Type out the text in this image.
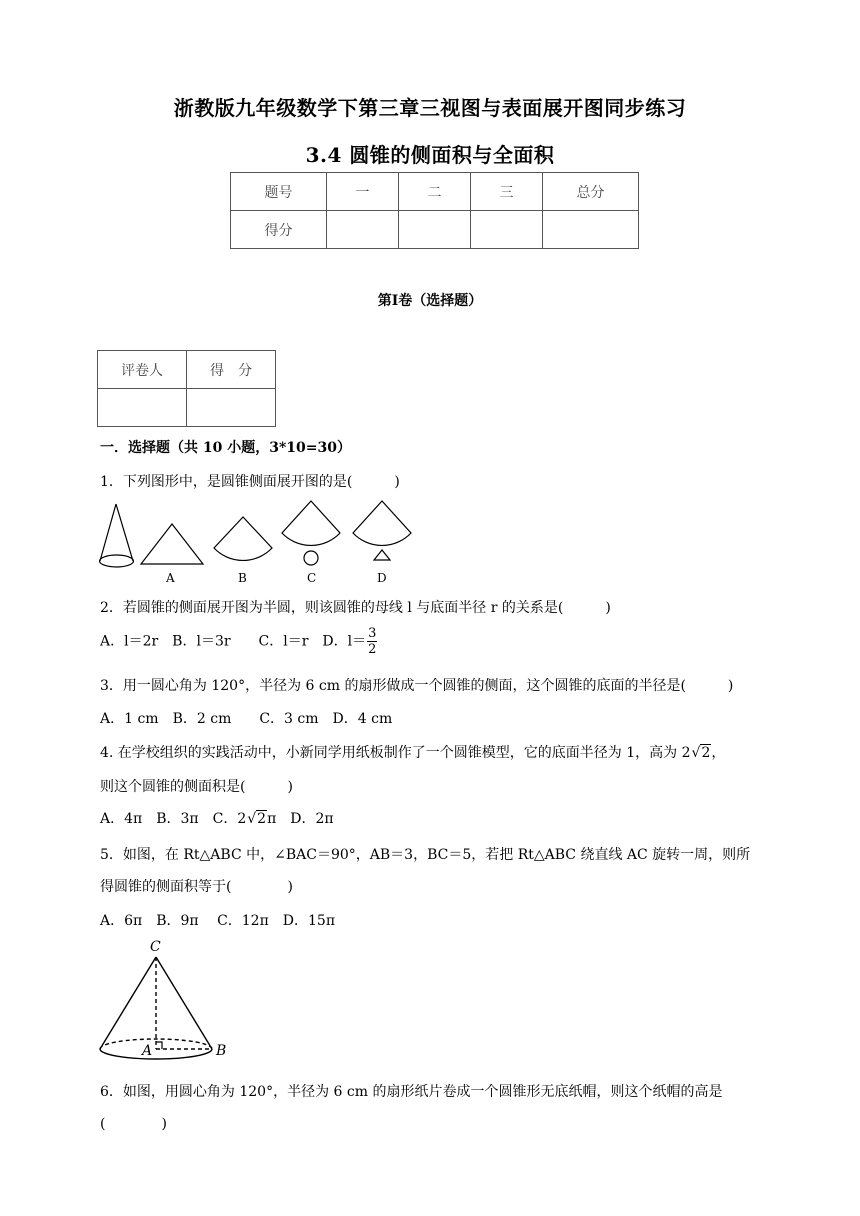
浙教版九年级数学下第三章三视图与表面展开图同步练习
3.4 圆锥的侧面积与全面积
题号	一	二	三	总分
得分				
第Ⅰ卷（选择题）
评卷人	得　分

一．选择题（共 10 小题，3*10=30）
1．下列图形中，是圆锥侧面展开图的是(　　　)
A	B	C	D
2．若圆锥的侧面展开图为半圆，则该圆锥的母线 l 与底面半径 r 的关系是(　　　)
A．l＝2r　B．l＝3r　　C．l＝r　D．$l= \frac{3}{2}$
3．用一圆心角为 120°，半径为 6 cm 的扇形做成一个圆锥的侧面，这个圆锥的底面的半径是(　　　)
A．1 cm　B．2 cm　　C．3 cm　D．4 cm
4. 在学校组织的实践活动中，小新同学用纸板制作了一个圆锥模型，它的底面半径为 1，高为 2√2，
则这个圆锥的侧面积是(　　　)
A．4π　B．3π　C．2√2π　D．2π
5．如图，在 Rt△ABC 中，∠BAC＝90°，AB＝3，BC＝5，若把 Rt△ABC 绕直线 AC 旋转一周，则所
得圆锥的侧面积等于(　　　　)
A．6π　B．9π　 C．12π　D．15π
C
A	B
6．如图，用圆心角为 120°，半径为 6 cm 的扇形纸片卷成一个圆锥形无底纸帽，则这个纸帽的高是
(　　　　)
